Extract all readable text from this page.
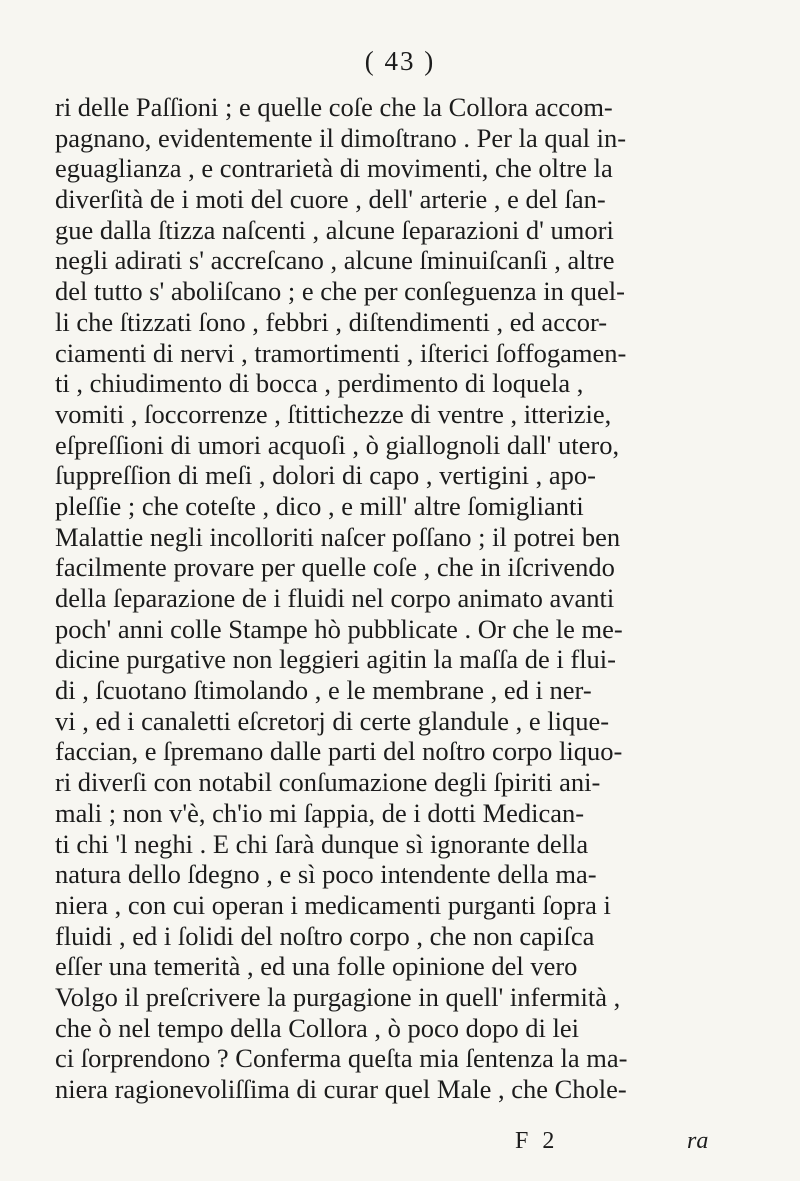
( 43 )
ri delle Paſſioni ; e quelle coſe che la Collora accom-
pagnano, evidentemente il dimoſtrano . Per la qual in-
eguaglianza , e contrarietà di movimenti, che oltre la
diverſità de i moti del cuore , dell' arterie , e del ſan-
gue dalla ſtizza naſcenti , alcune ſeparazioni d' umori
negli adirati s' accreſcano , alcune ſminuiſcanſi , altre
del tutto s' aboliſcano ; e che per conſeguenza in quel-
li che ſtizzati ſono , febbri , diſtendimenti , ed accor-
ciamenti di nervi , tramortimenti , iſterici ſoffogamen-
ti , chiudimento di bocca , perdimento di loquela ,
vomiti , ſoccorrenze , ſtittichezze di ventre , itterizie,
eſpreſſioni di umori acquoſi , ò giallognoli dall' utero,
ſuppreſſion di meſi , dolori di capo , vertigini , apo-
pleſſie ; che coteſte , dico , e mill' altre ſomiglianti
Malattie negli incolloriti naſcer poſſano ; il potrei ben
facilmente provare per quelle coſe , che in iſcrivendo
della ſeparazione de i fluidi nel corpo animato avanti
poch' anni colle Stampe hò pubblicate . Or che le me-
dicine purgative non leggieri agitin la maſſa de i flui-
di , ſcuotano ſtimolando , e le membrane , ed i ner-
vi , ed i canaletti eſcretorj di certe glandule , e lique-
faccian, e ſpremano dalle parti del noſtro corpo liquo-
ri diverſi con notabil conſumazione degli ſpiriti ani-
mali ; non v'è, ch'io mi ſappia, de i dotti Medican-
ti chi 'l neghi . E chi ſarà dunque sì ignorante della
natura dello ſdegno , e sì poco intendente della ma-
niera , con cui operan i medicamenti purganti ſopra i
fluidi , ed i ſolidi del noſtro corpo , che non capiſca
eſſer una temerità , ed una folle opinione del vero
Volgo il preſcrivere la purgagione in quell' infermità ,
che ò nel tempo della Collora , ò poco dopo di lei
ci ſorprendono ? Conferma queſta mia ſentenza la ma-
niera ragionevoliſſima di curar quel Male , che Chole-
F 2	ra
